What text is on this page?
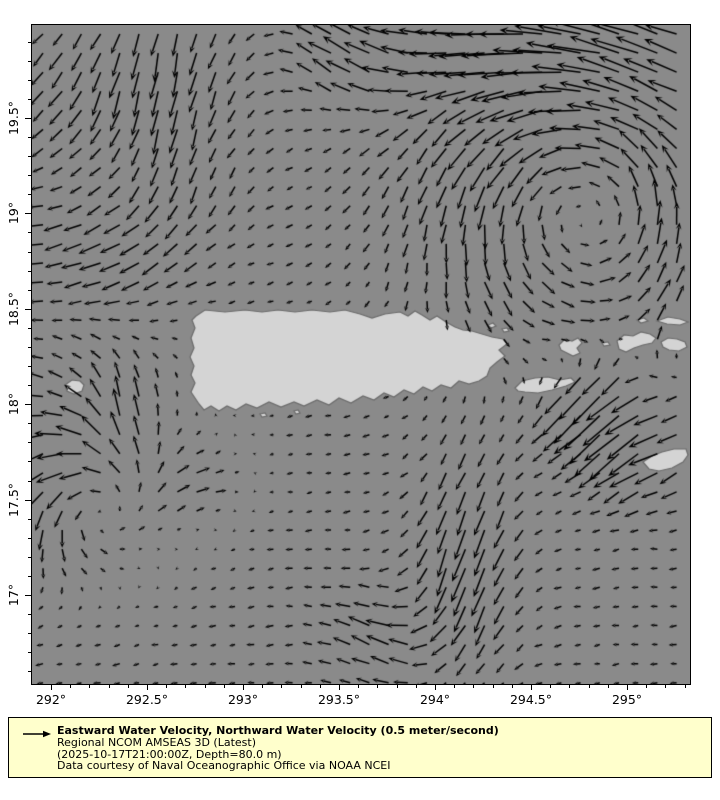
292°	292.5°	293°	293.5°	294°	294.5°	295°
19.5°
19°
18.5°
18°
17.5°
17°
Eastward Water Velocity, Northward Water Velocity (0.5 meter/second)
Regional NCOM AMSEAS 3D (Latest)
(2025-10-17T21:00:00Z, Depth=80.0 m)
Data courtesy of Naval Oceanographic Office via NOAA NCEI
